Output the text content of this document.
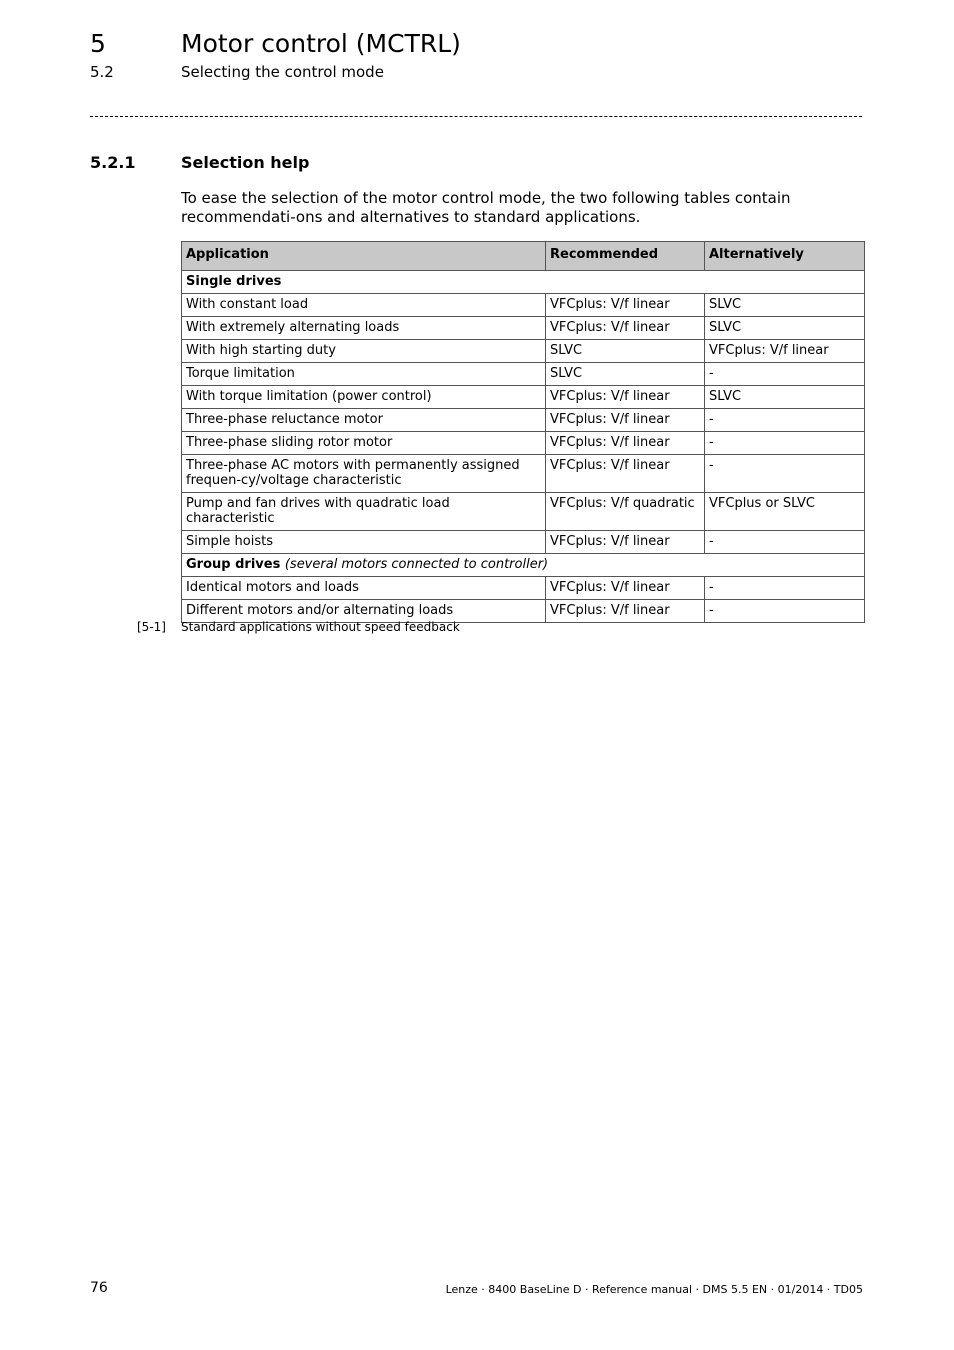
5	Motor control (MCTRL)
5.2	Selecting the control mode
5.2.1	Selection help
To ease the selection of the motor control mode, the two following tables contain recommendati-ons and alternatives to standard applications.
Application	Recommended	Alternatively
Single drives		
With constant load	VFCplus: V/f linear	SLVC
With extremely alternating loads	VFCplus: V/f linear	SLVC
With high starting duty	SLVC	VFCplus: V/f linear
Torque limitation	SLVC	-
With torque limitation (power control)	VFCplus: V/f linear	SLVC
Three-phase reluctance motor	VFCplus: V/f linear	-
Three-phase sliding rotor motor	VFCplus: V/f linear	-
Three-phase AC motors with permanently assigned frequen-cy/voltage characteristic	VFCplus: V/f linear	-
Pump and fan drives with quadratic load characteristic	VFCplus: V/f quadratic	VFCplus or SLVC
Simple hoists	VFCplus: V/f linear	-
Group drives (several motors connected to controller)		
Identical motors and loads	VFCplus: V/f linear	-
Different motors and/or alternating loads	VFCplus: V/f linear	-
[5-1] Standard applications without speed feedback
76	Lenze · 8400 BaseLine D · Reference manual · DMS 5.5 EN · 01/2014 · TD05
